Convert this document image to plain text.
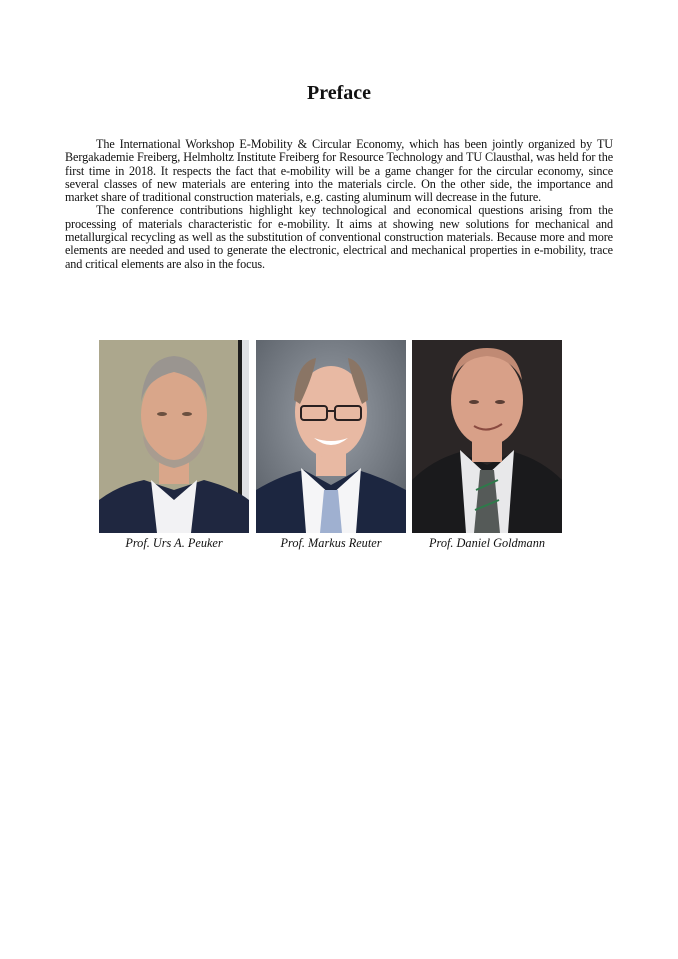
Preface

The International Workshop E-Mobility & Circular Economy, which has been jointly organized by TU Bergakademie Freiberg, Helmholtz Institute Freiberg for Resource Technology and TU Clausthal, was held for the first time in 2018. It respects the fact that e-mobility will be a game changer for the circular economy, since several classes of new materials are entering into the materials circle. On the other side, the importance and market share of traditional construction materials, e.g. casting aluminum will decrease in the future.

The conference contributions highlight key technological and economical questions arising from the processing of materials characteristic for e-mobility. It aims at showing new solutions for mechanical and metallurgical recycling as well as the substitution of conventional construction materials. Because more and more elements are needed and used to generate the electronic, electrical and mechanical properties in e-mobility, trace and critical elements are also in the focus.

Prof. Urs A. Peuker	Prof. Markus Reuter	Prof. Daniel Goldmann
